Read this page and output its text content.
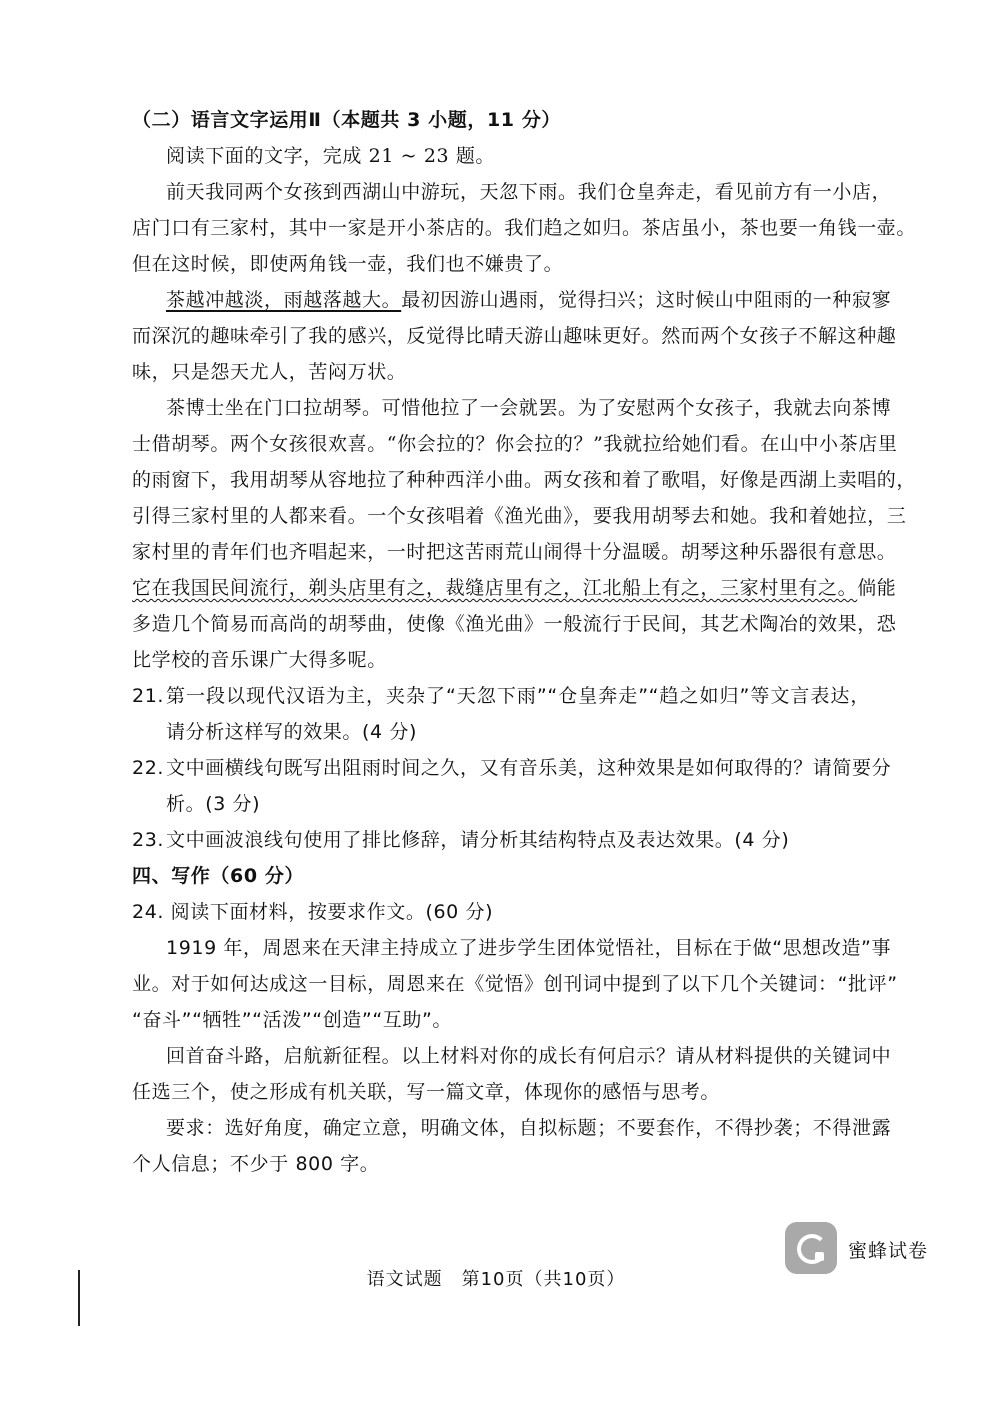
（二）语言文字运用Ⅱ（本题共 3 小题，11 分）
阅读下面的文字，完成 21 ~ 23 题。
前天我同两个女孩到西湖山中游玩，天忽下雨。我们仓皇奔走，看见前方有一小店，
店门口有三家村，其中一家是开小茶店的。我们趋之如归。茶店虽小，茶也要一角钱一壶。
但在这时候，即使两角钱一壶，我们也不嫌贵了。
茶越冲越淡，雨越落越大。最初因游山遇雨，觉得扫兴；这时候山中阻雨的一种寂寥
而深沉的趣味牵引了我的感兴，反觉得比晴天游山趣味更好。然而两个女孩子不解这种趣
味，只是怨天尤人，苦闷万状。
茶博士坐在门口拉胡琴。可惜他拉了一会就罢。为了安慰两个女孩子，我就去向茶博
士借胡琴。两个女孩很欢喜。“你会拉的？你会拉的？”我就拉给她们看。在山中小茶店里
的雨窗下，我用胡琴从容地拉了种种西洋小曲。两女孩和着了歌唱，好像是西湖上卖唱的，
引得三家村里的人都来看。一个女孩唱着《渔光曲》，要我用胡琴去和她。我和着她拉，三
家村里的青年们也齐唱起来，一时把这苦雨荒山闹得十分温暖。胡琴这种乐器很有意思。
它在我国民间流行，剃头店里有之，裁缝店里有之，江北船上有之，三家村里有之。倘能
多造几个简易而高尚的胡琴曲，使像《渔光曲》一般流行于民间，其艺术陶冶的效果，恐
比学校的音乐课广大得多呢。
21. 第一段以现代汉语为主，夹杂了“天忽下雨”“仓皇奔走”“趋之如归”等文言表达，
请分析这样写的效果。(4 分)
22. 文中画横线句既写出阻雨时间之久，又有音乐美，这种效果是如何取得的？请简要分
析。(3 分)
23. 文中画波浪线句使用了排比修辞，请分析其结构特点及表达效果。(4 分)
四、写作（60 分）
24. 阅读下面材料，按要求作文。(60 分)
1919 年，周恩来在天津主持成立了进步学生团体觉悟社，目标在于做“思想改造”事
业。对于如何达成这一目标，周恩来在《觉悟》创刊词中提到了以下几个关键词：“批评”
“奋斗”“牺牲”“活泼”“创造”“互助”。
回首奋斗路，启航新征程。以上材料对你的成长有何启示？请从材料提供的关键词中
任选三个，使之形成有机关联，写一篇文章，体现你的感悟与思考。
要求：选好角度，确定立意，明确文体，自拟标题；不要套作，不得抄袭；不得泄露
个人信息；不少于 800 字。
蜜蜂试卷
语文试题　第10页（共10页）
